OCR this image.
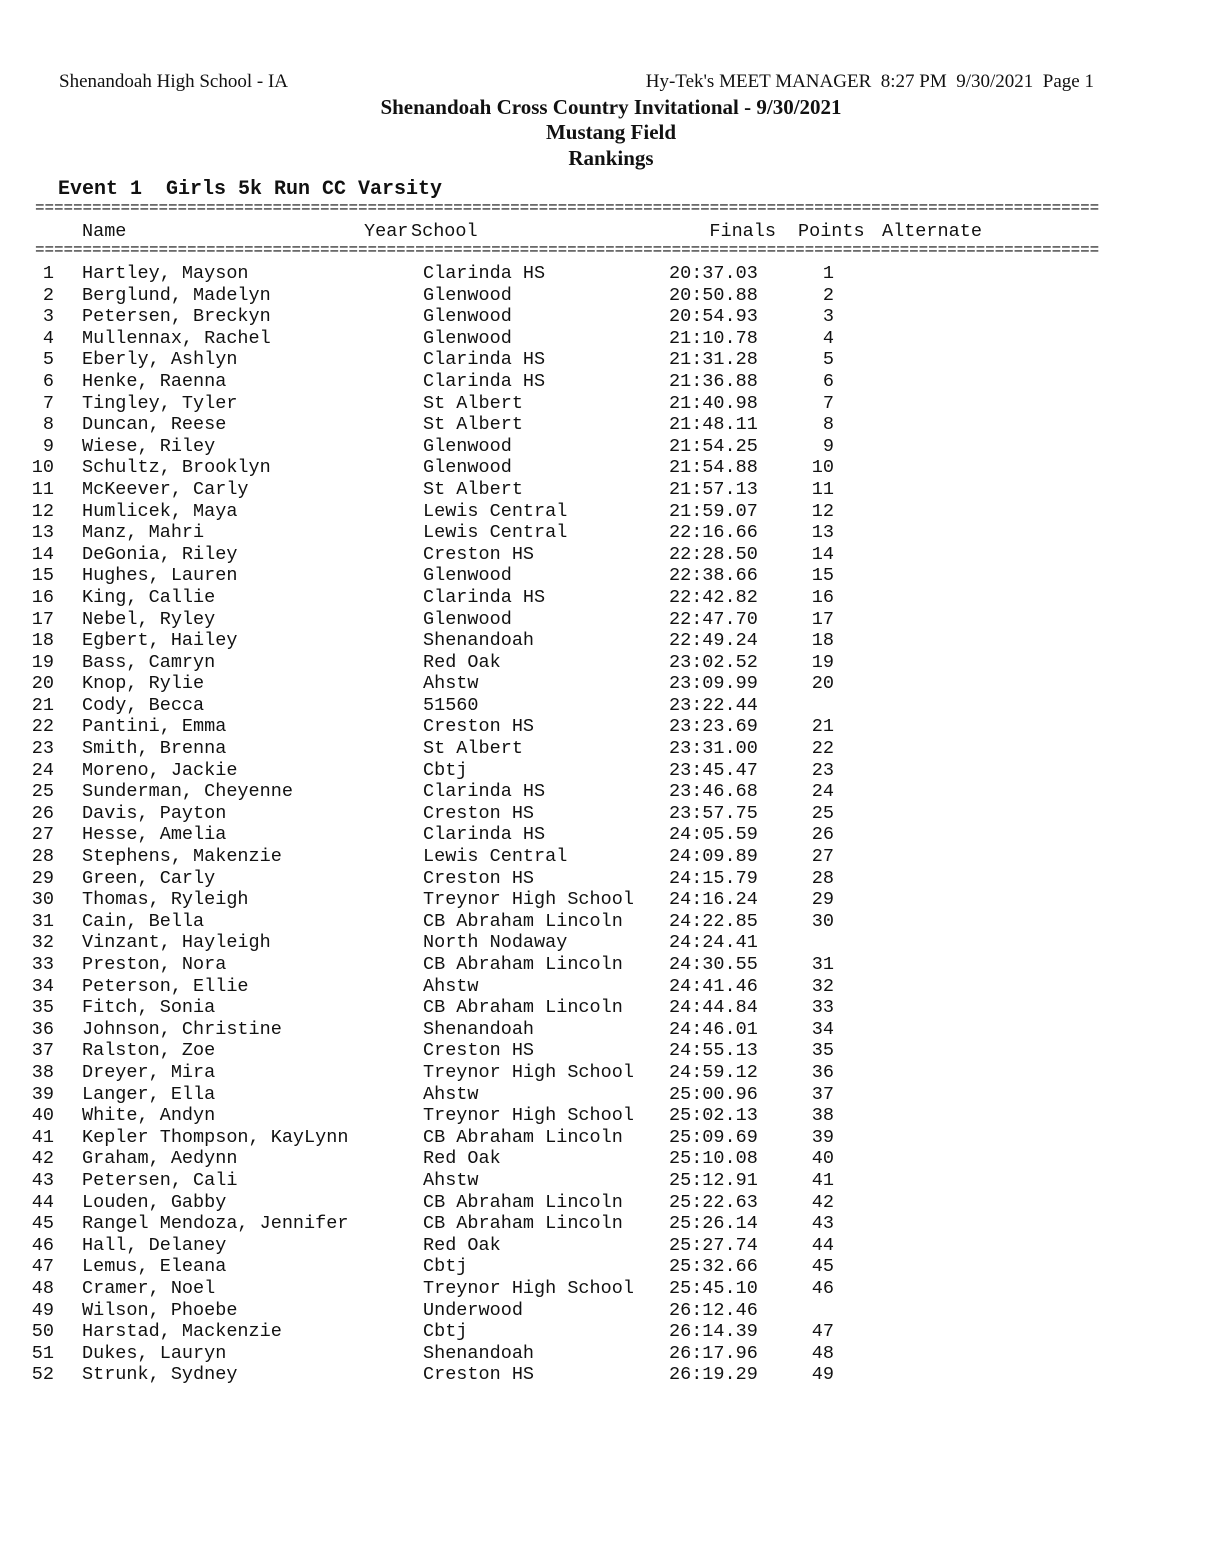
Shenandoah High School - IA	Hy-Tek's MEET MANAGER  8:27 PM  9/30/2021  Page 1
Shenandoah Cross Country Invitational - 9/30/2021
Mustang Field
Rankings
Event 1  Girls 5k Run CC Varsity
================================================================================================================
Name	Year School	Finals Points Alternate
================================================================================================================
1 Hartley, Mayson	Clarinda HS	20:37.03	1
2 Berglund, Madelyn	Glenwood	20:50.88	2
3 Petersen, Breckyn	Glenwood	20:54.93	3
4 Mullennax, Rachel	Glenwood	21:10.78	4
5 Eberly, Ashlyn	Clarinda HS	21:31.28	5
6 Henke, Raenna	Clarinda HS	21:36.88	6
7 Tingley, Tyler	St Albert	21:40.98	7
8 Duncan, Reese	St Albert	21:48.11	8
9 Wiese, Riley	Glenwood	21:54.25	9
10 Schultz, Brooklyn	Glenwood	21:54.88	10
11 McKeever, Carly	St Albert	21:57.13	11
12 Humlicek, Maya	Lewis Central	21:59.07	12
13 Manz, Mahri	Lewis Central	22:16.66	13
14 DeGonia, Riley	Creston HS	22:28.50	14
15 Hughes, Lauren	Glenwood	22:38.66	15
16 King, Callie	Clarinda HS	22:42.82	16
17 Nebel, Ryley	Glenwood	22:47.70	17
18 Egbert, Hailey	Shenandoah	22:49.24	18
19 Bass, Camryn	Red Oak	23:02.52	19
20 Knop, Rylie	Ahstw	23:09.99	20
21 Cody, Becca	51560	23:22.44
22 Pantini, Emma	Creston HS	23:23.69	21
23 Smith, Brenna	St Albert	23:31.00	22
24 Moreno, Jackie	Cbtj	23:45.47	23
25 Sunderman, Cheyenne	Clarinda HS	23:46.68	24
26 Davis, Payton	Creston HS	23:57.75	25
27 Hesse, Amelia	Clarinda HS	24:05.59	26
28 Stephens, Makenzie	Lewis Central	24:09.89	27
29 Green, Carly	Creston HS	24:15.79	28
30 Thomas, Ryleigh	Treynor High School 24:16.24	29
31 Cain, Bella	CB Abraham Lincoln 24:22.85	30
32 Vinzant, Hayleigh	North Nodaway	24:24.41
33 Preston, Nora	CB Abraham Lincoln 24:30.55	31
34 Peterson, Ellie	Ahstw	24:41.46	32
35 Fitch, Sonia	CB Abraham Lincoln 24:44.84	33
36 Johnson, Christine	Shenandoah	24:46.01	34
37 Ralston, Zoe	Creston HS	24:55.13	35
38 Dreyer, Mira	Treynor High School 24:59.12	36
39 Langer, Ella	Ahstw	25:00.96	37
40 White, Andyn	Treynor High School 25:02.13	38
41 Kepler Thompson, KayLynn	CB Abraham Lincoln 25:09.69	39
42 Graham, Aedynn	Red Oak	25:10.08	40
43 Petersen, Cali	Ahstw	25:12.91	41
44 Louden, Gabby	CB Abraham Lincoln 25:22.63	42
45 Rangel Mendoza, Jennifer	CB Abraham Lincoln 25:26.14	43
46 Hall, Delaney	Red Oak	25:27.74	44
47 Lemus, Eleana	Cbtj	25:32.66	45
48 Cramer, Noel	Treynor High School 25:45.10	46
49 Wilson, Phoebe	Underwood	26:12.46
50 Harstad, Mackenzie	Cbtj	26:14.39	47
51 Dukes, Lauryn	Shenandoah	26:17.96	48
52 Strunk, Sydney	Creston HS	26:19.29	49
